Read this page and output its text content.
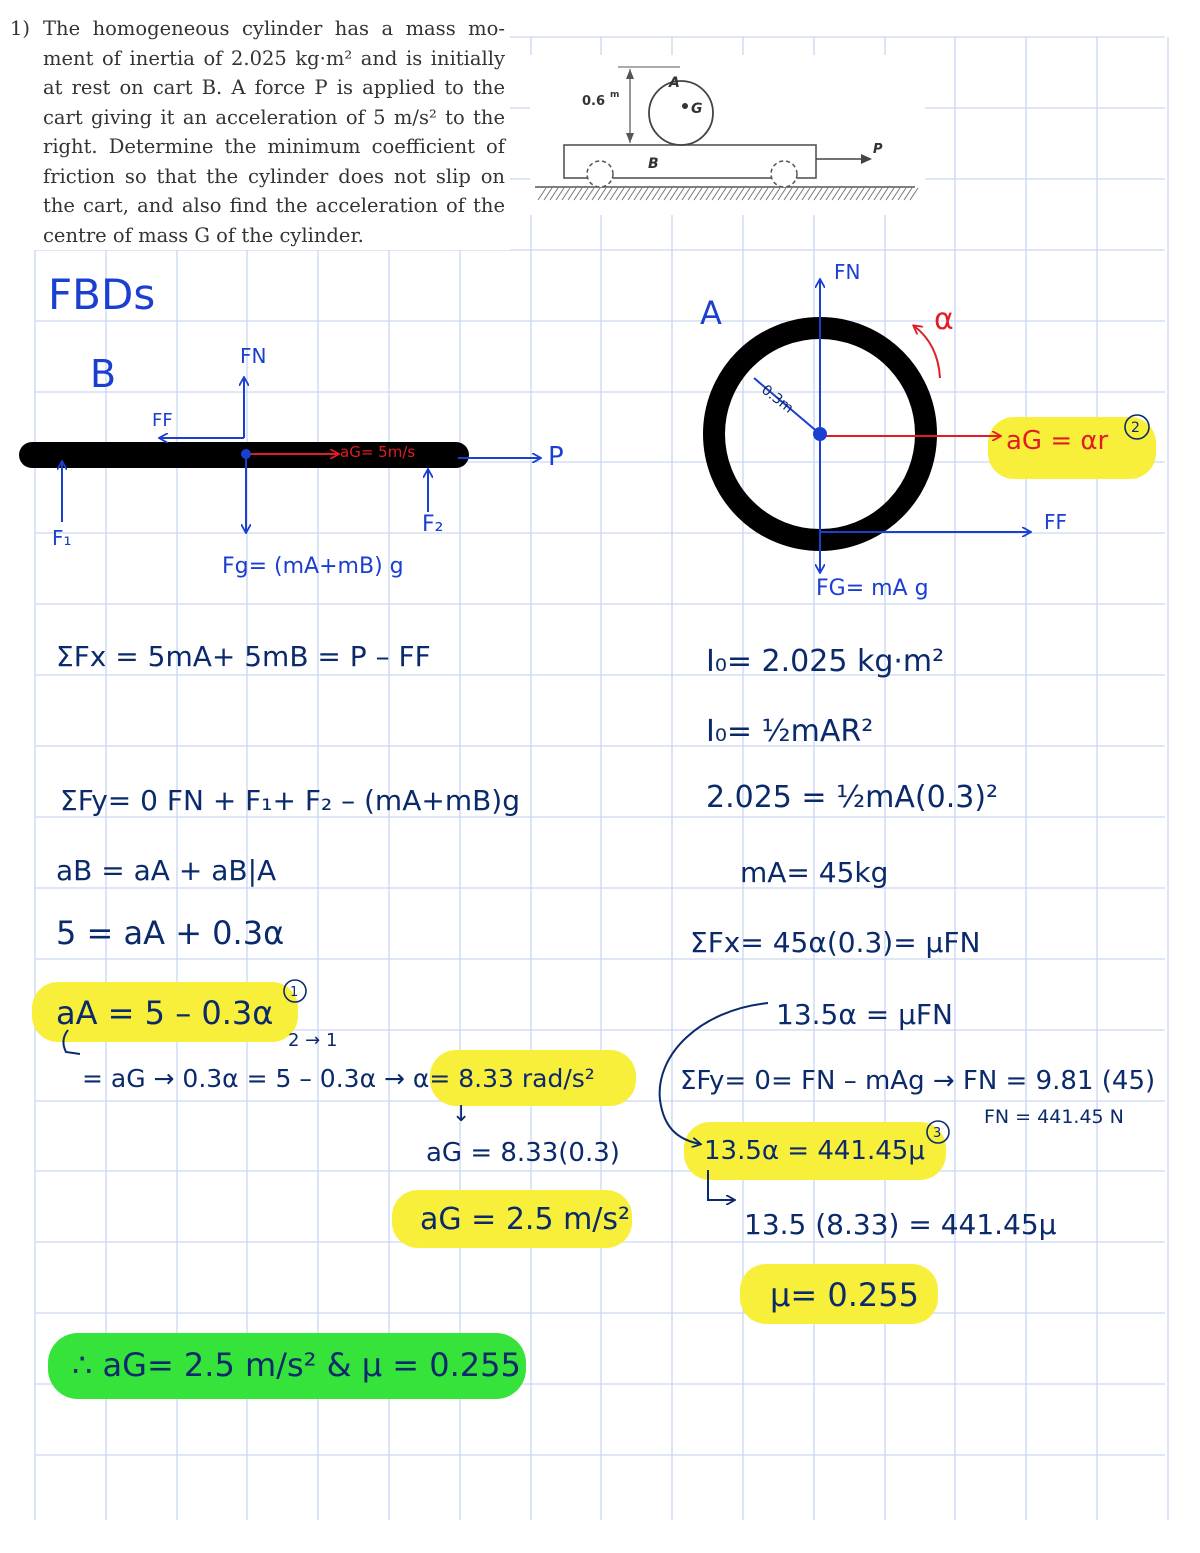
1) The homogeneous cylinder has a mass mo-
ment of inertia of 2.025 kg·m² and is initially
at rest on cart B. A force P is applied to the
cart giving it an acceleration of 5 m/s² to the
right. Determine the minimum coefficient of
friction so that the cylinder does not slip on
the cart, and also find the acceleration of the
centre of mass G of the cylinder.
0.6 m
A
G
B
P
2
1
3
FBDs
B	FN
FF
aG= 5m/s	P
F₁
F₂
Fg= (mA+mB) g
A
FN
α
0.3m
aG = αr
FF
FG= mA g
ΣFx = 5mA+ 5mB = P – FF
ΣFy= 0 FN + F₁+ F₂ – (mA+mB)g
aB = aA + aB|A
5 = aA + 0.3α
aA = 5 – 0.3α
2 → 1
= aG → 0.3α = 5 – 0.3α → α= 8.33 rad/s²
↓
aG = 8.33(0.3)
aG = 2.5 m/s²
∴ aG= 2.5 m/s² & μ = 0.255
I₀= 2.025 kg·m²
I₀= ½mAR²
2.025 = ½mA(0.3)²
mA= 45kg
ΣFx= 45α(0.3)= μFN
13.5α = μFN
ΣFy= 0= FN – mAg → FN = 9.81 (45)
FN = 441.45 N
13.5α = 441.45μ
13.5 (8.33) = 441.45μ
μ= 0.255
